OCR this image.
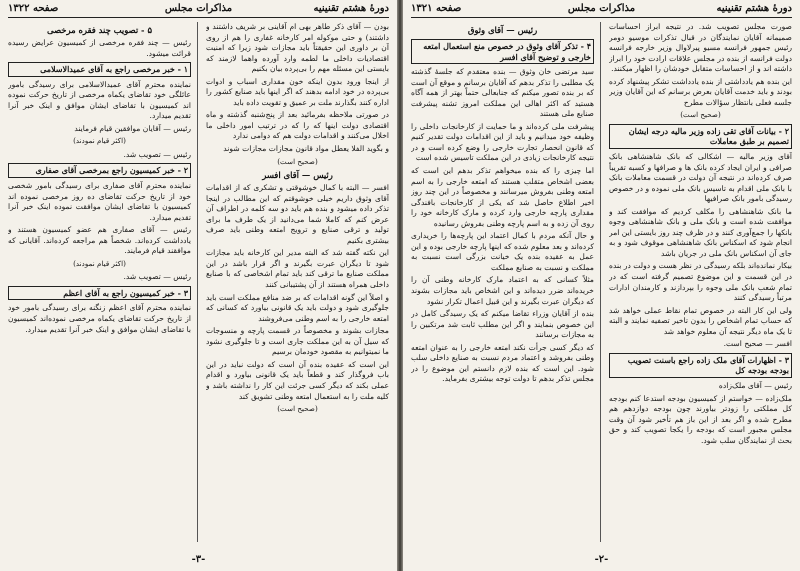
دورهٔ هشتم تقنینیه
مذاکرات مجلس
صفحه ۱۳۲۲

بودن — آقای ذکر طاهر بهی ام آقاینی بر شریف داشتند و داشتند) و حتی موکوله امر کارخانه غفاری را هم از روی آن بر داوری این حقیقتاً باید مجازات شود زیرا که امنیت اقتصادیات داخلی ما لطمه وارد آورده واهما لازمند که بایستی این مسئله مهم را بی‌پرده بیان بکنیم

از اینجا ورود بدون اینکه خون مقداری اسباب و ادوات بی‌پرده در خود ادامه بدهند که اگر اینها باید صنایع کشور را اداره کنند بگذارند ملت بر عمیق و تقویت داده باید

در صورتی ملاحظه بفرمائید بعد از پنج‌شنبه گذشته و ماه اقتصادی دولت اینها که را که در ترتیب امور داخلی ما اخلال می‌کنند و اقدامات دولت هم که دوامی ندارد

و بگوید الفلا یعطل مواد قانون مجازات مجازات شوند

(صحیح است)
رئیس — آقای افسر

افسر — البته با کمال خوشوقتی و تشکری که از اقدامات آقای وثوق داریم خیلی خوشوقتم که این مطالب در اینجا تذکر داده میشود و بنده هم باید دو سه کلمه در اطراف آن عرض کنم که کاملا شما می‌دانید از یک طرف ما برای تولید و ترقی صنایع و ترویج امتعه وطنی باید صرف بیشتری بکنیم

این نکته گفته شد که البته مدیر این کارخانه باید مجازات شود تا دیگران عبرت بگیرند و اگر قرار باشد در این مملکت صنایع ما ترقی کند باید تمام اشخاصی که با صنایع داخلی همراه هستند از آن پشتیبانی کنند

و اصلاً این گونه اقدامات که بر ضد منافع مملکت است باید جلوگیری شود و دولت باید یک قانونی بیاورد که کسانی که امتعه خارجی را به اسم وطنی می‌فروشند

مجازات بشوند و مخصوصاً در قسمت پارچه و منسوجات که سیل آن به این مملکت جاری است و تا جلوگیری نشود ما نمیتوانیم به مقصود خودمان برسیم

این است که عقیده بنده آن است که دولت نباید در این باب فروگذار کند و قطعاً باید یک قانونی بیاورد و اقدام عملی بکند که دیگر کسی جرئت این کار را نداشته باشد و کلیه ملت را به استعمال امتعه وطنی تشویق کند

(صحیح است)
۵ - تصویب چند فقره مرخصی

رئیس — چند فقره مرخصی از کمیسیون عرایض رسیده قرائت میشود.

۱ - خبر مرخصی راجع به آقای عمیدالاسلامی

نماینده محترم آقای عمیدالاسلامی برای رسیدگی بامور عائلگی خود تقاضای یکماه مرخصی از تاریخ حرکت نموده اند کمیسیون با تقاضای ایشان موافق و اینک خبر آنرا تقدیم میدارد.

رئیس — آقایان موافقین قیام فرمایند

(اکثر قیام نمودند)

رئیس — تصویب شد.

۲ - خبر کمیسیون راجع بمرخصی آقای صفاری

نماینده محترم آقای صفاری برای رسیدگی بامور شخصی خود از تاریخ حرکت تقاضای ده روز مرخصی نموده اند کمیسیون با تقاضای ایشان موافقت نموده اینک خبر آنرا تقدیم میدارد.

رئیس — آقای صفاری هم عضو کمیسیون هستند و یادداشت کرده‌اند. شخصاً هم مراجعه کرده‌اند. آقایانی که موافقند قیام فرمایند.

(اکثر قیام نمودند)

رئیس — تصویب شد.

۳ - خبر کمیسیون راجع به آقای اعظم

نماینده محترم آقای اعظم زنگنه برای رسیدگی بامور خود از تاریخ حرکت تقاضای یکماه مرخصی نموده‌اند کمیسیون با تقاضای ایشان موافق و اینک خبر آنرا تقدیم میدارد.

-۳-
دورهٔ هشتم تقنینیه
مذاکرات مجلس
صفحه ۱۳۲۱

صورت مجلس تصویب شد. در نتیجه ابراز احساسات صمیمانه آقایان نمایندگان در قبال تذکرات موسیو دومر رئیس جمهور فرانسه مسیو پیرلاوال وزیر خارجه فرانسه دولت فرانسه از بنده در مجلس علاقات ارادت خود را ابراز داشته اند و از احساسات متقابل خودشان را اظهار میکنند.

این بنده هم یادداشتی از بنده یادداشت تشکر پیشنهاد کرده بودند و باید خدمت آقایان بعرض برسانم که این آقایان وزیر جلسه فعلی بانتظار سؤالات مطرح

(صحیح است)
۲ - بیانات آقای تقی زاده وزیر مالیه درجه ایشان تصمیم بر طبق معاملات

آقای وزیر مالیه — اشکالی که بانک شاهنشاهی بانک صرافی و ایران ایجاد کرده بانک ها و صرافها و کسبه تقریباً صرف کرده‌اند در نتیجه آن دولت در قسمت معاملات بانک با بانک ملی اقدام به تاسیس بانک ملی نموده و در خصوص رسیدگی بامور بانک صرافیها

ما بانک شاهنشاهی را مکلف کردیم که موافقت کند و موافقت شده است و بانک ملی و بانک شاهنشاهی وجوه بانکها را جمع‌آوری کنند و در ظرف چند روز بایستی این امر انجام شود که اسکناس بانک شاهنشاهی موقوف شود و به جای آن اسکناس بانک ملی در جریان باشد

بیکار نمانده‌اند بلکه رسیدگی در نظر هست و دولت در بنده در این قسمت و این موضوع تصمیم گرفته است که در تمام شعب بانک ملی وجوه را بپردازند و کارمندان ادارات مرتباً رسیدگی کنند

ولی این کار البته در خصوص تمام نقاط عملی خواهد شد که حساب تمام اشخاص را بدون تاخیر تصفیه نمایند و البته تا یک ماه دیگر نتیجه آن معلوم خواهد شد

افسر — صحیح است.

۳ - اظهارات آقای ملک زاده راجع باسنت تصویب بودجه بودجه کل

رئیس — آقای ملک‌زاده

ملک‌زاده — خواستم از کمیسیون بودجه استدعا کنم بودجه کل مملکتی را زودتر بیاورند چون بودجه دوازدهم هم مطرح شده و اگر بعد از این باز هم تأخیر شود آن وقت مجلس مجبور است که بودجه را یکجا تصویب کند و حق بحث از نمایندگان سلب شود.

رئیس — آقای وثوق
۴ - تذکر آقای وثوق در خصوص منع استعمال امتعه خارجی و توضیح آقای افسر

سید مرتضی خان وثوق — بنده معتقدم که جلسهٔ گذشته یک مطلبی را تذکر بدهم که آقایان برسانم و موقع آن است که بر بنده تصور میکنم که جنابعالی حتماً بهتر از همه آگاه هستید که اکثر اهالی این مملکت امروز تشنه پیشرفت صنایع ملی هستند

پیشرفت ملی کرده‌اند و ما حمایت از کارخانجات داخلی را وظیفه خود میدانیم و باید از این اقدامات دولت تقدیر کنیم که قانون انحصار تجارت خارجی را وضع کرده است و در نتیجه کارخانجات زیادی در این مملکت تاسیس شده است

اما چیزی را که بنده میخواهم تذکر بدهم این است که بعضی اشخاص متقلب هستند که امتعه خارجی را به اسم امتعه وطنی بفروش میرسانند و مخصوصاً در این چند روز اخیر اطلاع حاصل شد که یکی از کارخانجات بافندگی مقداری پارچه خارجی وارد کرده و مارک کارخانه خود را روی آن زده و به اسم پارچه وطنی بفروش رسانیده

و حال آنکه مردم با کمال اعتماد این پارچه‌ها را خریداری کرده‌اند و بعد معلوم شده که اینها پارچه خارجی بوده و این عمل به عقیده بنده یک خیانت بزرگی است نسبت به مملکت و نسبت به صنایع مملکت

مثلاً کسانی که به اعتماد مارک کارخانه وطنی آن را خریده‌اند ضرر دیده‌اند و این اشخاص باید مجازات بشوند که دیگران عبرت بگیرند و این قبیل اعمال تکرار نشود

بنده از آقایان وزراء تقاضا میکنم که یک رسیدگی کامل در این خصوص بنمایند و اگر این مطلب ثابت شد مرتکبین را به مجازات برسانند

که دیگر کسی جرأت نکند امتعه خارجی را به عنوان امتعه وطنی بفروشد و اعتماد مردم نسبت به صنایع داخلی سلب شود. این است که بنده لازم دانستم این موضوع را در مجلس تذکر بدهم تا دولت توجه بیشتری بفرماید.

-۲-
